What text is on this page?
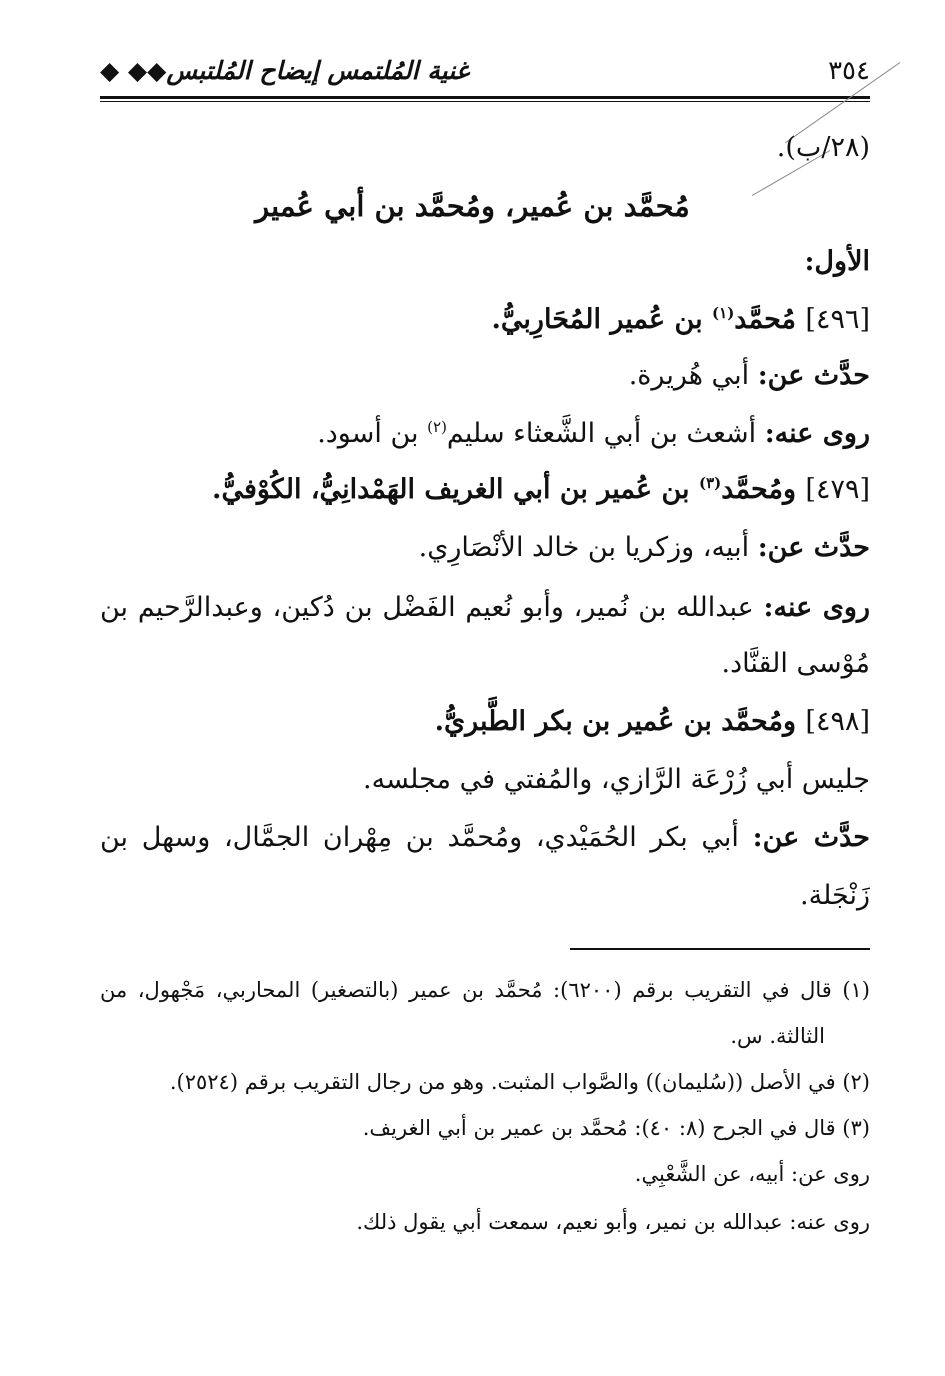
٣٥٤
غنية المُلتمس إيضاح المُلتبس◆◆ ◆
(٢٨/ب).
مُحمَّد بن عُمير، ومُحمَّد بن أبي عُمير
الأول:
[٤٩٦] مُحمَّد$^{(١)}$ بن عُمير المُحَارِبيُّ.
حدَّث عن: أبي هُريرة.
روى عنه: أشعث بن أبي الشَّعثاء سليم$^{(٢)}$ بن أسود.
[٤٧٩] ومُحمَّد$^{(٣)}$ بن عُمير بن أبي الغريف الهَمْدانِيُّ، الكُوْفيُّ.
حدَّث عن: أبيه، وزكريا بن خالد الأنْصَارِي.
روى عنه: عبدالله بن نُمير، وأبو نُعيم الفَضْل بن دُكين، وعبدالرَّحيم بن
مُوْسى القنَّاد.
[٤٩٨] ومُحمَّد بن عُمير بن بكر الطَّبريُّ.
جليس أبي زُرْعَة الرَّازي، والمُفتي في مجلسه.
حدَّث عن: أبي بكر الحُمَيْدي، ومُحمَّد بن مِهْران الجمَّال، وسهل بن
زَنْجَلة.
(١) قال في التقريب برقم (٦٢٠٠): مُحمَّد بن عمير (بالتصغير) المحاربي، مَجْهول، من
الثالثة. س.
(٢) في الأصل ((سُليمان)) والصَّواب المثبت. وهو من رجال التقريب برقم (٢٥٢٤).
(٣) قال في الجرح (٨: ٤٠): مُحمَّد بن عمير بن أبي الغريف.
روى عن: أبيه، عن الشَّعْبِي.
روى عنه: عبدالله بن نمير، وأبو نعيم، سمعت أبي يقول ذلك.
